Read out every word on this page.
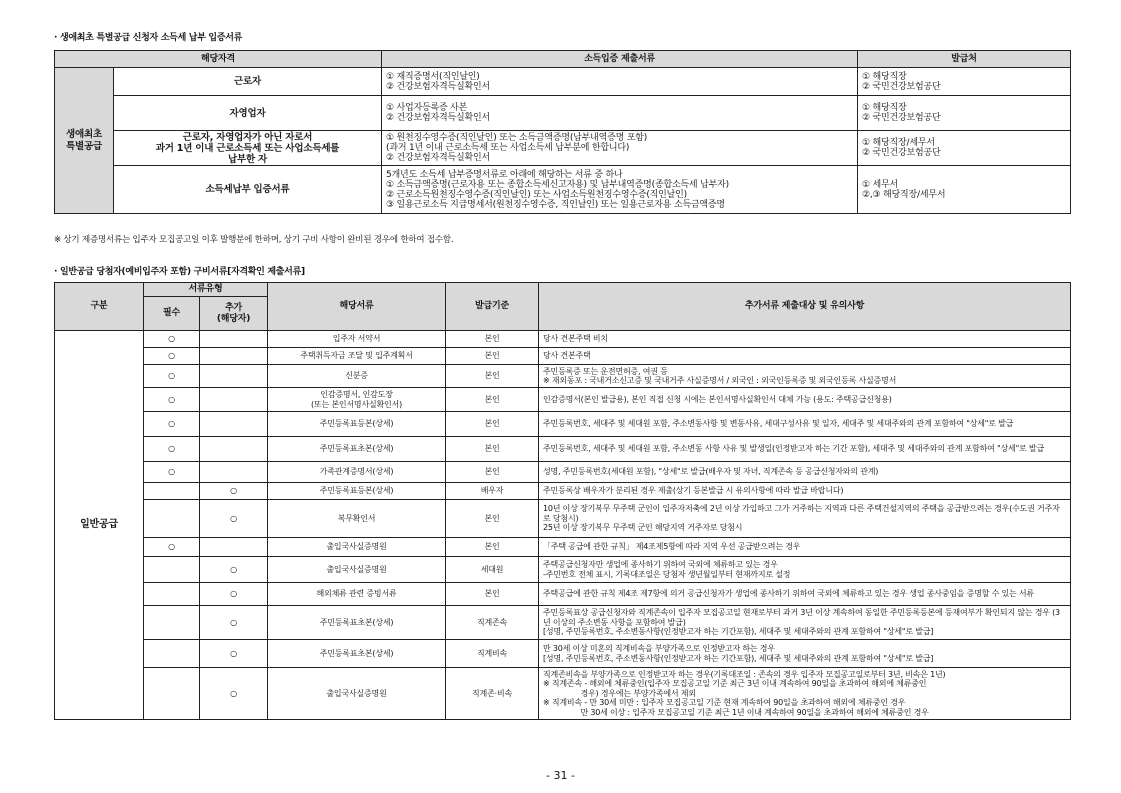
· 생애최초 특별공급 신청자 소득세 납부 입증서류
해당자격		소득입증 제출서류	발급처
생애최초
특별공급	근로자	① 재직증명서(직인날인)
② 건강보험자격득실확인서	① 해당직장
② 국민건강보험공단

	자영업자	① 사업자등록증 사본
② 건강보험자격득실확인서	① 해당직장
② 국민건강보험공단

	근로자, 자영업자가 아닌 자로서
과거 1년 이내 근로소득세 또는 사업소득세를
납부한 자	① 원천징수영수증(직인날인) 또는 소득금액증명(납부내역증명 포함)
(과거 1년 이내 근로소득세 또는 사업소득세 납부분에 한합니다)
② 건강보험자격득실확인서	① 해당직장/세무서
② 국민건강보험공단

	소득세납부 입증서류	5개년도 소득세 납부증명서류로 아래에 해당하는 서류 중 하나
① 소득금액증명(근로자용 또는 종합소득세신고자용) 및 납부내역증명(종합소득세 납부자)
② 근로소득원천징수영수증(직인날인) 또는 사업소득원천징수영수증(직인날인)
③ 일용근로소득 지급명세서(원천징수영수증, 직인날인) 또는 일용근로자용 소득금액증명	① 세무서
②,③ 해당직장/세무서
※ 상기 제증명서류는 입주자 모집공고일 이후 발행분에 한하며, 상기 구비 사항이 완비된 경우에 한하여 접수함.
· 일반공급 당첨자(예비입주자 포함) 구비서류[자격확인 제출서류]
구분	서류유형		해당서류	발급기준	추가서류 제출대상 및 유의사항
	필수	추가
(해당자)			
일반공급	○		입주자 서약서	본인	당사 견본주택 비치

	○		주택취득자금 조달 및 입주계획서	본인	당사 견본주택

	○		신분증	본인	주민등록증 또는 운전면허증, 여권 등
※ 재외동포 : 국내거소신고증 및 국내거주 사실증명서 / 외국인 : 외국인등록증 및 외국인등록 사실증명서

	○		인감증명서, 인감도장
(또는 본인서명사실확인서)	본인	인감증명서(본인 발급용), 본인 직접 신청 시에는 본인서명사실확인서 대체 가능 (용도: 주택공급신청용)

	○		주민등록표등본(상세)	본인	주민등록번호, 세대주 및 세대원 포함, 주소변동사항 및 변동사유, 세대구성사유 및 일자, 세대주 및 세대주와의 관계 포함하여 "상세"로 발급

	○		주민등록표초본(상세)	본인	주민등록번호, 세대주 및 세대원 포함, 주소변동 사항 사유 및 발생일(인정받고자 하는 기간 포함), 세대주 및 세대주와의 관계 포함하여 "상세"로 발급

	○		가족관계증명서(상세)	본인	성명, 주민등록번호(세대원 포함), "상세"로 발급(배우자 및 자녀, 직계존속 등 공급신청자와의 관계)

		○	주민등록표등본(상세)	배우자	주민등록상 배우자가 분리된 경우 제출(상기 등본발급 시 유의사항에 따라 발급 바랍니다)

		○	복무확인서	본인	10년 이상 장기복무 무주택 군인이 입주자저축에 2년 이상 가입하고 그가 거주하는 지역과 다른 주택건설지역의 주택을 공급받으려는 경우(수도권 거주자로 당첨시)
25년 이상 장기복무 무주택 군인 해당지역 거주자로 당첨시

	○		출입국사실증명원	본인	「주택 공급에 관한 규칙」 제4조제5항에 따라 지역 우선 공급받으려는 경우

		○	출입국사실증명원	세대원	주택공급신청자만 생업에 종사하기 위하여 국외에 체류하고 있는 경우
-주민번호 전체 표시, 기록대조일은 당첨자 생년월일부터 현재까지로 설정

		○	해외체류 관련 증빙서류	본인	주택공급에 관한 규칙 제4조 제7항에 의거 공급신청자가 생업에 종사하기 위하여 국외에 체류하고 있는 경우 생업 종사중임을 증명할 수 있는 서류

		○	주민등록표초본(상세)	직계존속	주민등록표상 공급신청자와 직계존속이 입주자 모집공고일 현재로부터 과거 3년 이상 계속하여 동일한 주민등록등본에 등재여부가 확인되지 않는 경우 (3년 이상의 주소변동 사항을 포함하여 발급)
[성명, 주민등록번호, 주소변동사항(인정받고자 하는 기간포함), 세대주 및 세대주와의 관계 포함하여 "상세"로 발급]

		○	주민등록표초본(상세)	직계비속	만 30세 이상 미혼의 직계비속을 부양가족으로 인정받고자 하는 경우
[성명, 주민등록번호, 주소변동사항(인정받고자 하는 기간포함), 세대주 및 세대주와의 관계 포함하여 "상세"로 발급]

		○	출입국사실증명원	직계존·비속	직계존비속을 부양가족으로 인정받고자 하는 경우(기록대조일 : 존속의 경우 입주자 모집공고일로부터 3년, 비속은 1년)
※ 직계존속 - 해외에 체류중인(입주자 모집공고일 기준 최근 3년 이내 계속하여 90일을 초과하여 해외에 체류중인
경우) 경우에는 부양가족에서 제외
※ 직계비속 - 만 30세 미만 : 입주자 모집공고일 기준 현재 계속하여 90일을 초과하여 해외에 체류중인 경우
만 30세 이상 : 입주자 모집공고일 기준 최근 1년 이내 계속하여 90일을 초과하여 해외에 체류중인 경우
- 31 -
